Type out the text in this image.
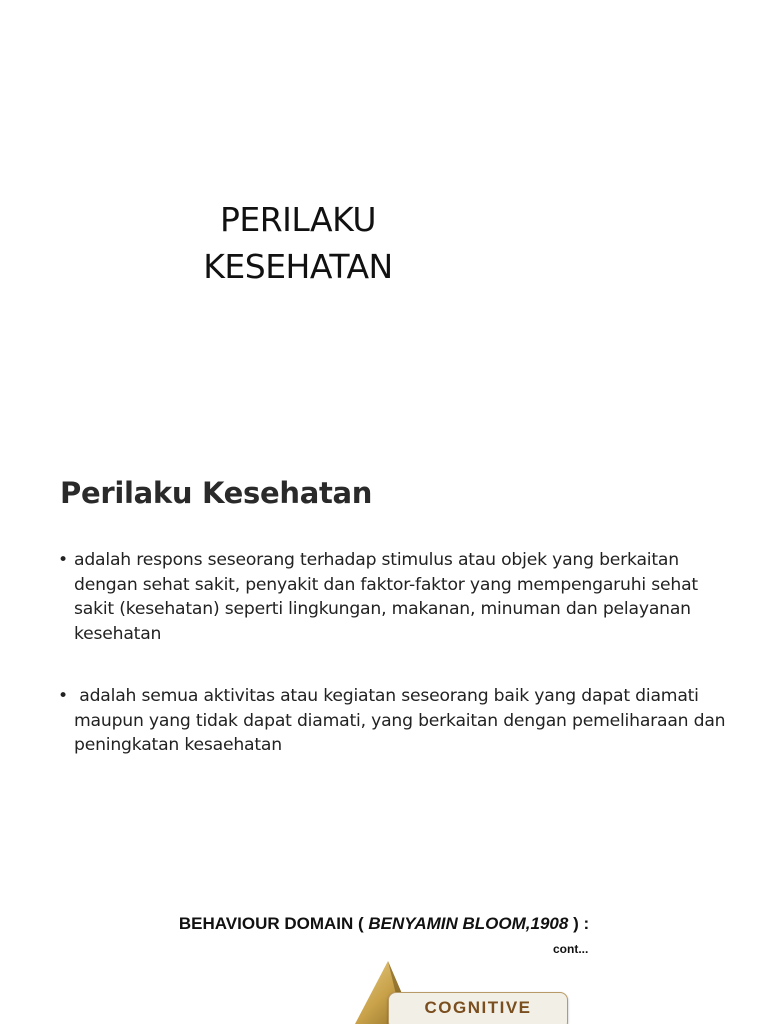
PERILAKU
KESEHATAN
Perilaku Kesehatan
• adalah respons seseorang terhadap stimulus atau objek yang berkaitan dengan sehat sakit, penyakit dan faktor-faktor yang mempengaruhi sehat sakit (kesehatan) seperti lingkungan, makanan, minuman dan pelayanan kesehatan
• adalah semua aktivitas atau kegiatan seseorang baik yang dapat diamati maupun yang tidak dapat diamati, yang berkaitan dengan pemeliharaan dan peningkatan kesaehatan
BEHAVIOUR DOMAIN ( BENYAMIN BLOOM,1908 ) :
cont...
COGNITIVE
